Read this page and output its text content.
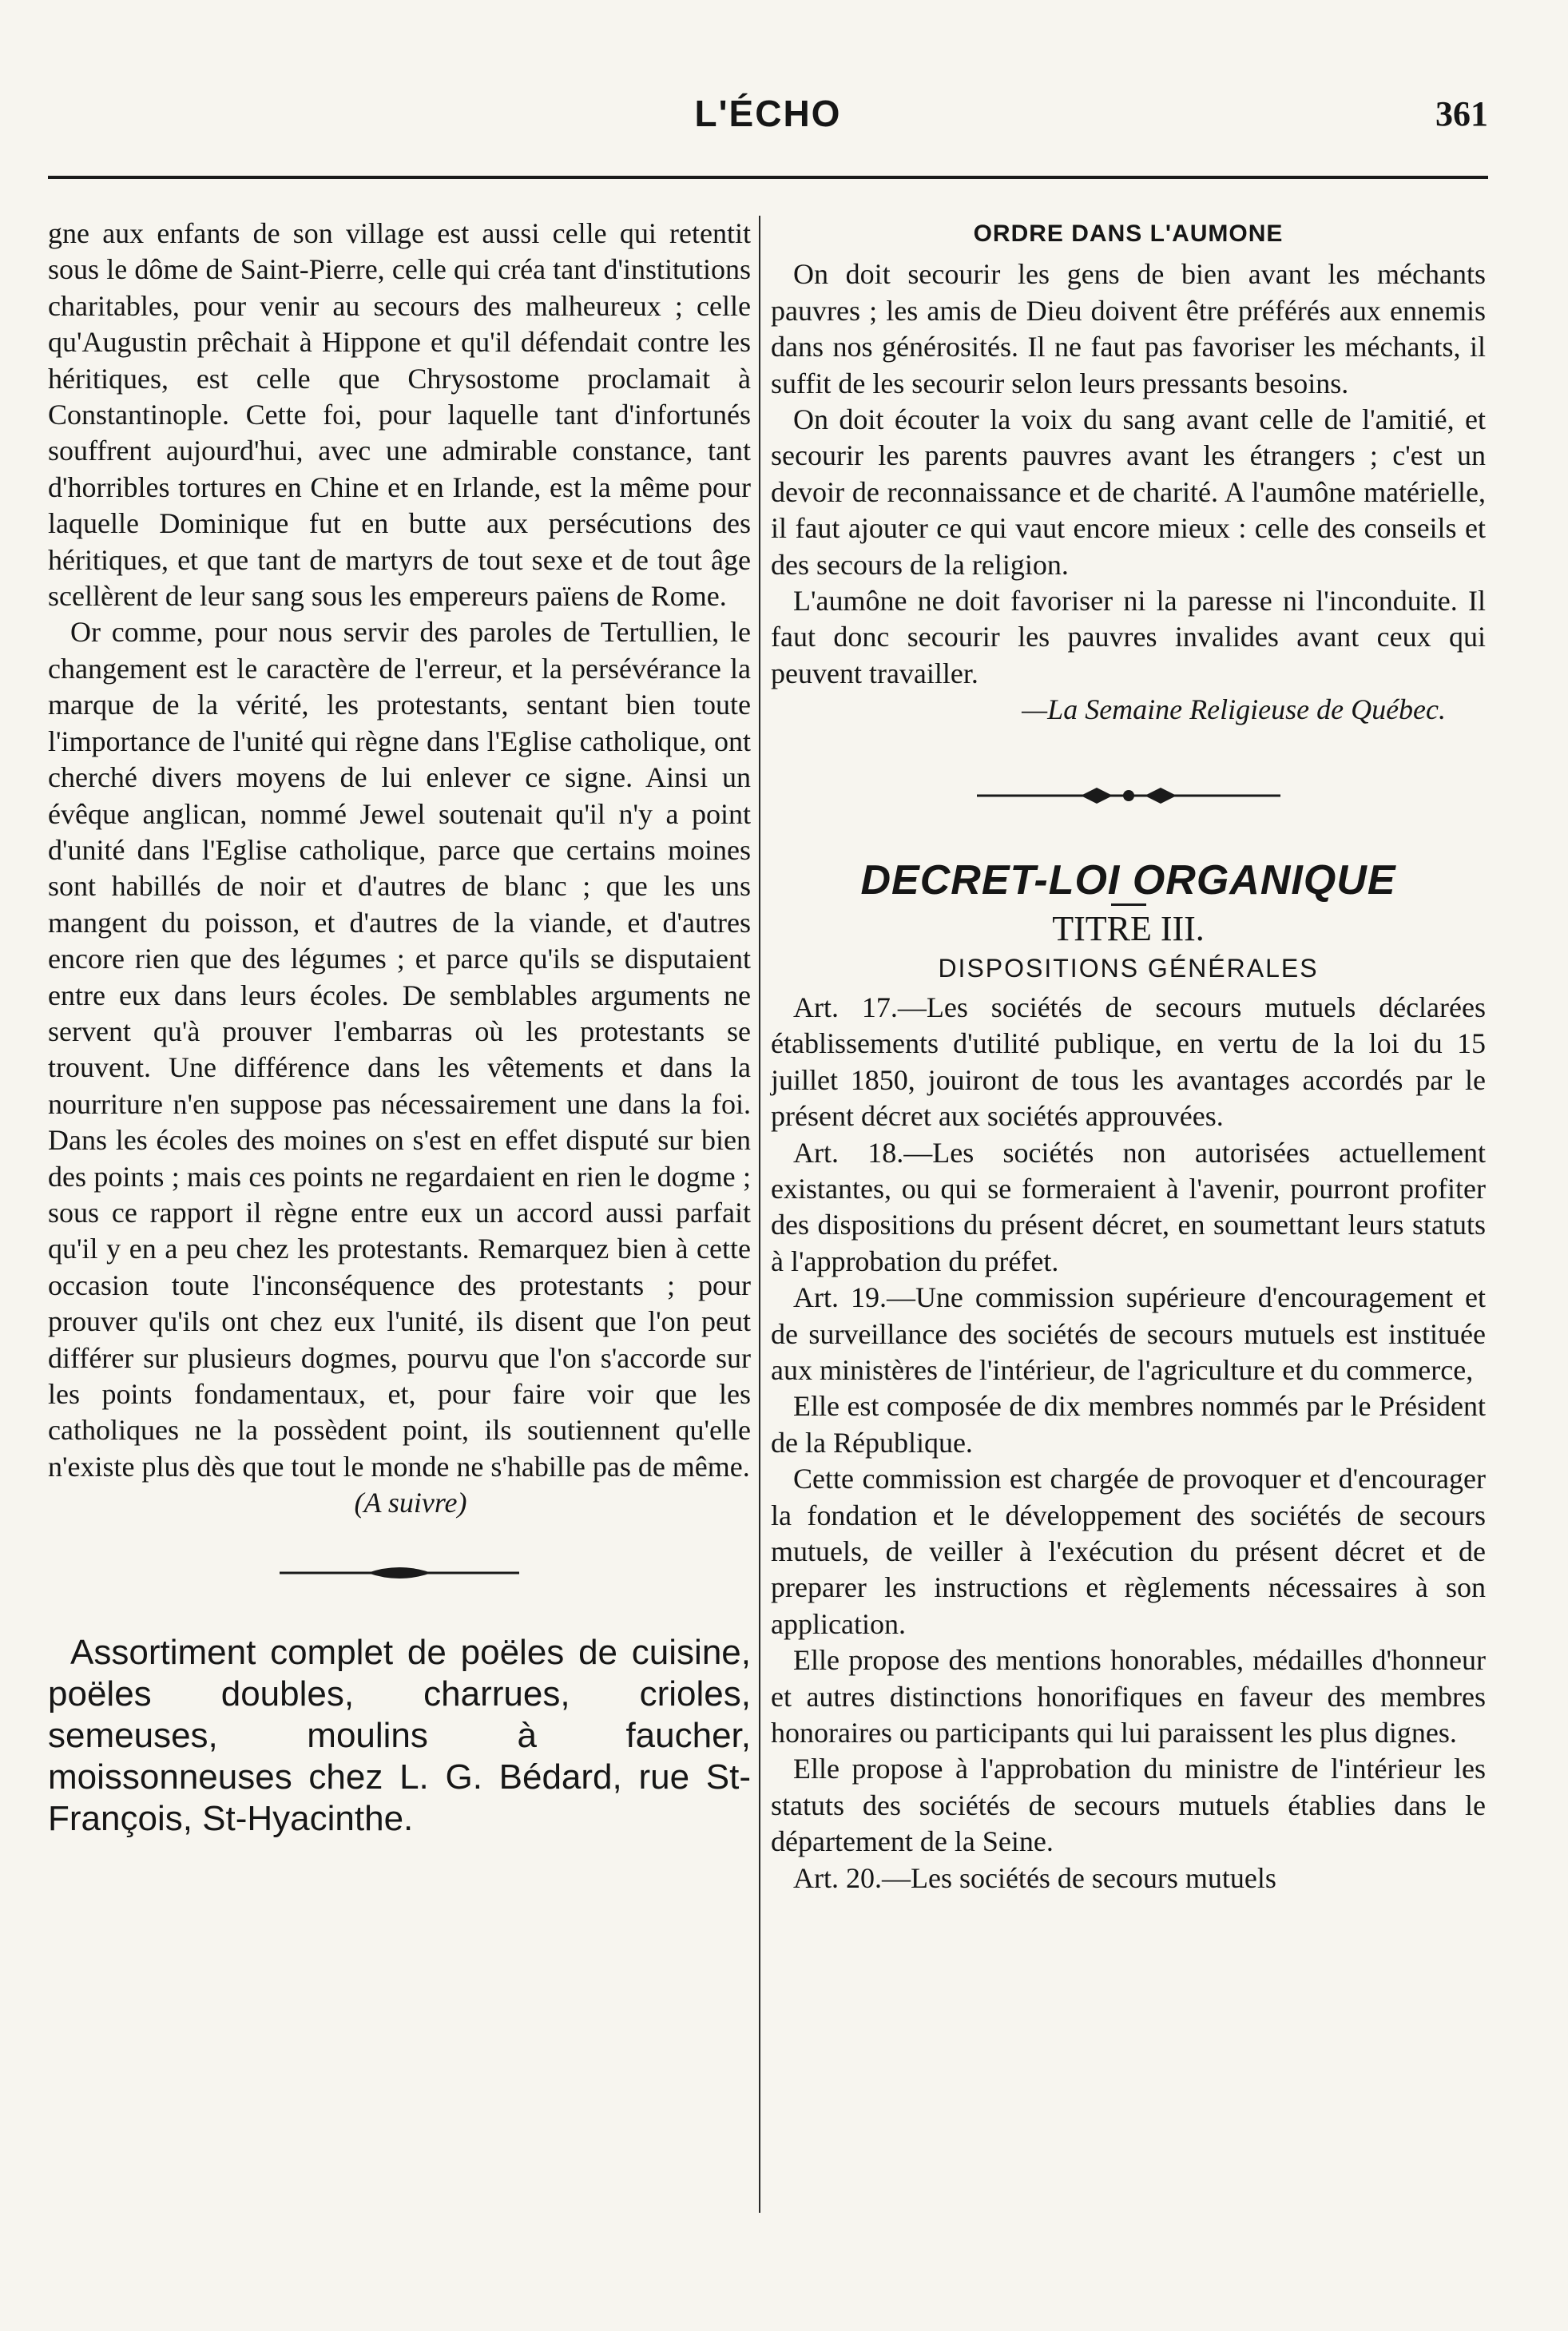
L'ÉCHO	361

gne aux enfants de son village est aussi celle qui retentit sous le dôme de Saint-Pierre, celle qui créa tant d'institutions charitables, pour venir au secours des malheureux ; celle qu'Augustin prêchait à Hippone et qu'il défendait contre les héritiques, est celle que Chrysostome proclamait à Constantinople. Cette foi, pour laquelle tant d'infortunés souffrent aujourd'hui, avec une admirable constance, tant d'horribles tortures en Chine et en Irlande, est la même pour laquelle Dominique fut en butte aux persécutions des héritiques, et que tant de martyrs de tout sexe et de tout âge scellèrent de leur sang sous les empereurs païens de Rome.

Or comme, pour nous servir des paroles de Tertullien, le changement est le caractère de l'erreur, et la persévérance la marque de la vérité, les protestants, sentant bien toute l'importance de l'unité qui règne dans l'Eglise catholique, ont cherché divers moyens de lui enlever ce signe. Ainsi un évêque anglican, nommé Jewel soutenait qu'il n'y a point d'unité dans l'Eglise catholique, parce que certains moines sont habillés de noir et d'autres de blanc ; que les uns mangent du poisson, et d'autres de la viande, et d'autres encore rien que des légumes ; et parce qu'ils se disputaient entre eux dans leurs écoles. De semblables arguments ne servent qu'à prouver l'embarras où les protestants se trouvent. Une différence dans les vêtements et dans la nourriture n'en suppose pas nécessairement une dans la foi. Dans les écoles des moines on s'est en effet disputé sur bien des points ; mais ces points ne regardaient en rien le dogme ; sous ce rapport il règne entre eux un accord aussi parfait qu'il y en a peu chez les protestants. Remarquez bien à cette occasion toute l'inconséquence des protestants ; pour prouver qu'ils ont chez eux l'unité, ils disent que l'on peut différer sur plusieurs dogmes, pourvu que l'on s'accorde sur les points fondamentaux, et, pour faire voir que les catholiques ne la possèdent point, ils soutiennent qu'elle n'existe plus dès que tout le monde ne s'habille pas de même.

(A suivre)

Assortiment complet de poëles de cuisine, poëles doubles, charrues, crioles, semeuses, moulins à faucher, moissonneuses chez L. G. Bédard, rue St-François, St-Hyacinthe.

ORDRE DANS L'AUMONE

On doit secourir les gens de bien avant les méchants pauvres ; les amis de Dieu doivent être préférés aux ennemis dans nos générosités. Il ne faut pas favoriser les méchants, il suffit de les secourir selon leurs pressants besoins.

On doit écouter la voix du sang avant celle de l'amitié, et secourir les parents pauvres avant les étrangers ; c'est un devoir de reconnaissance et de charité. A l'aumône matérielle, il faut ajouter ce qui vaut encore mieux : celle des conseils et des secours de la religion.

L'aumône ne doit favoriser ni la paresse ni l'inconduite. Il faut donc secourir les pauvres invalides avant ceux qui peuvent travailler.

—La Semaine Religieuse de Québec.
DECRET-LOI ORGANIQUE
TITRE III.
DISPOSITIONS GÉNÉRALES

Art. 17.—Les sociétés de secours mutuels déclarées établissements d'utilité publique, en vertu de la loi du 15 juillet 1850, jouiront de tous les avantages accordés par le présent décret aux sociétés approuvées.

Art. 18.—Les sociétés non autorisées actuellement existantes, ou qui se formeraient à l'avenir, pourront profiter des dispositions du présent décret, en soumettant leurs statuts à l'approbation du préfet.

Art. 19.—Une commission supérieure d'encouragement et de surveillance des sociétés de secours mutuels est instituée aux ministères de l'intérieur, de l'agriculture et du commerce,

Elle est composée de dix membres nommés par le Président de la République.

Cette commission est chargée de provoquer et d'encourager la fondation et le développement des sociétés de secours mutuels, de veiller à l'exécution du présent décret et de preparer les instructions et règlements nécessaires à son application.

Elle propose des mentions honorables, médailles d'honneur et autres distinctions honorifiques en faveur des membres honoraires ou participants qui lui paraissent les plus dignes.

Elle propose à l'approbation du ministre de l'intérieur les statuts des sociétés de secours mutuels établies dans le département de la Seine.

Art. 20.—Les sociétés de secours mutuels
